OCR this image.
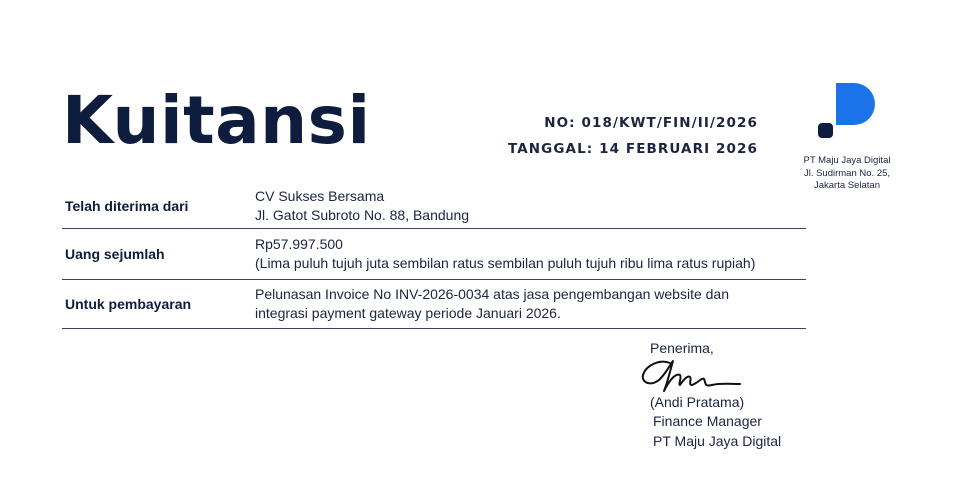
Kuitansi	NO: 018/KWT/FIN/II/2026
TANGGAL: 14 FEBRUARI 2026
PT Maju Jaya Digital
Jl. Sudirman No. 25,
Jakarta Selatan
Telah diterima dari
CV Sukses Bersama
Jl. Gatot Subroto No. 88, Bandung
Uang sejumlah
Rp57.997.500
(Lima puluh tujuh juta sembilan ratus sembilan puluh tujuh ribu lima ratus rupiah)
Untuk pembayaran
Pelunasan Invoice No INV-2026-0034 atas jasa pengembangan website dan
integrasi payment gateway periode Januari 2026.
Penerima,
(Andi Pratama)
Finance Manager
PT Maju Jaya Digital
